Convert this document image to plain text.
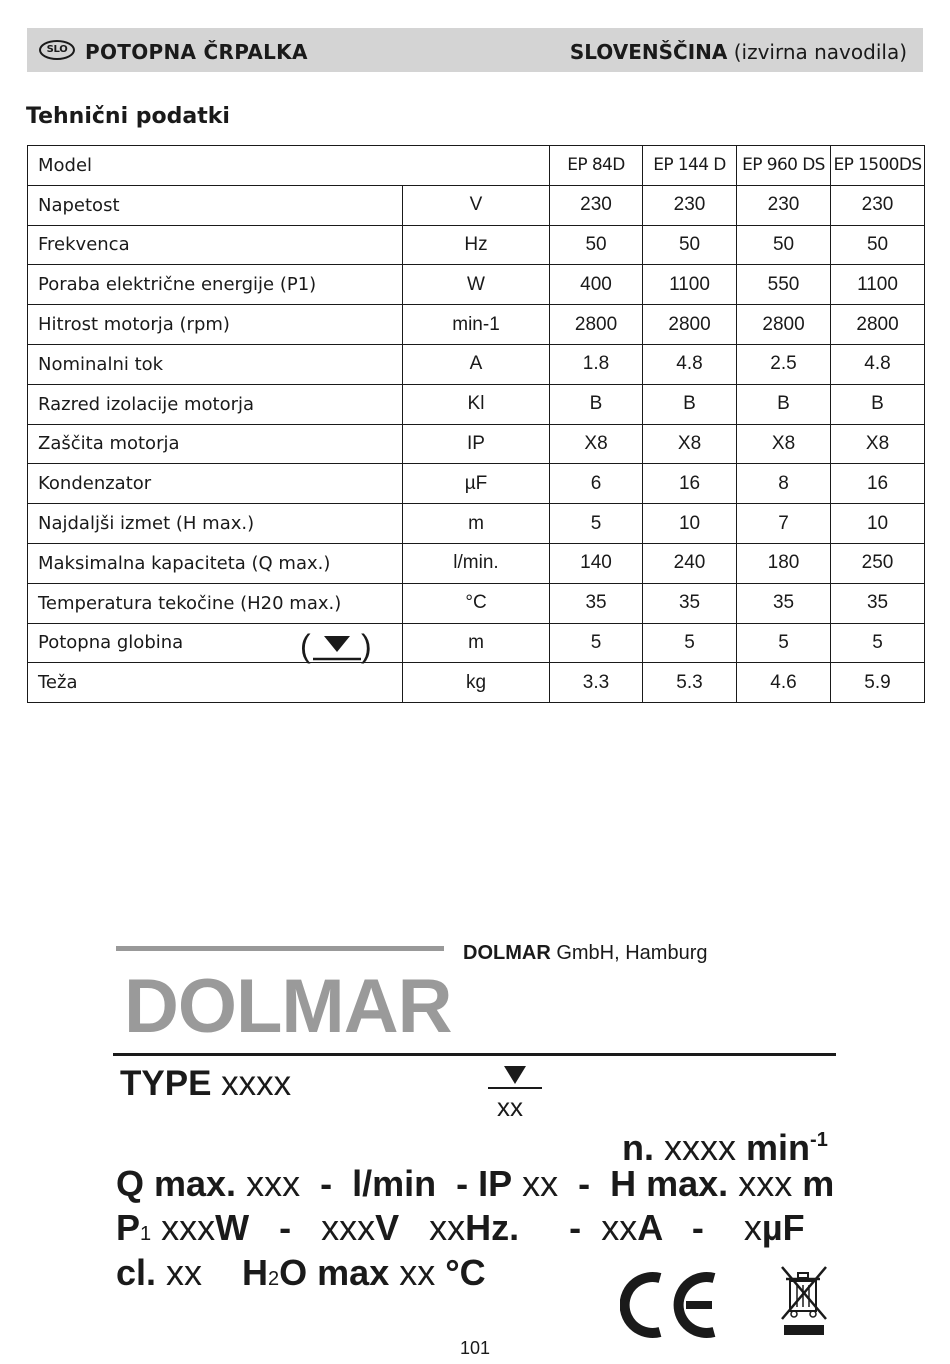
SLO POTOPNA ČRPALKA	SLOVENŠČINA (izvirna navodila)
Tehnični podatki
Model		EP 84D	EP 144 D	EP 960 DS	EP 1500DS
Napetost	V	230	230	230	230
Frekvenca	Hz	50	50	50	50
Poraba električne energije (P1)	W	400	1100	550	1100
Hitrost motorja (rpm)	min-1	2800	2800	2800	2800
Nominalni tok	A	1.8	4.8	2.5	4.8
Razred izolacije motorja	Kl	B	B	B	B
Zaščita motorja	IP	X8	X8	X8	X8
Kondenzator	µF	6	16	8	16
Najdaljši izmet (H max.)	m	5	10	7	10
Maksimalna kapaciteta (Q max.)	l/min.	140	240	180	250
Temperatura tekočine (H20 max.)	°C	35	35	35	35
Potopna globina	m	5	5	5	5
Teža	kg	3.3	5.3	4.6	5.9
( )
DOLMAR GmbH, Hamburg
DOLMAR
TYPE xxxx
xx
n. xxxx $\min^{-1}$
Q max. xxx  -  l/min  - IP xx  -  H max. xxx m
P1 xxxW   -   xxxV   xxHz.     -  xxA   -    xµF
cl. xx    H2O max xx °C
101
